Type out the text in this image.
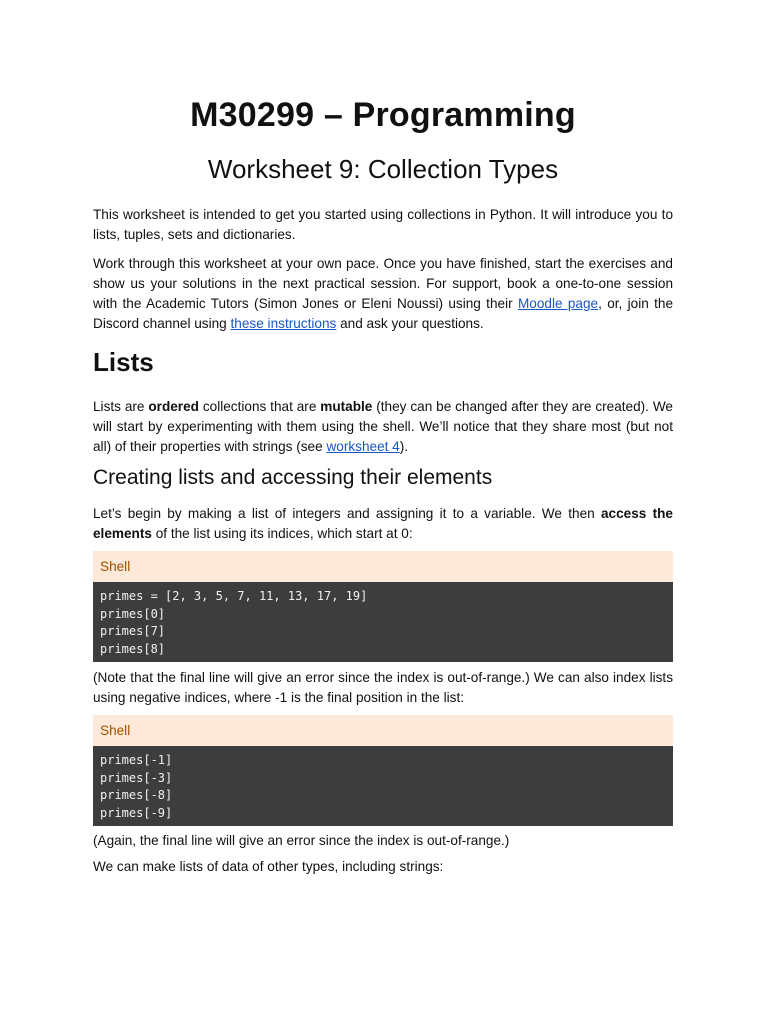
M30299 – Programming
Worksheet 9: Collection Types

This worksheet is intended to get you started using collections in Python. It will introduce you to lists, tuples, sets and dictionaries.

Work through this worksheet at your own pace. Once you have finished, start the exercises and show us your solutions in the next practical session. For support, book a one-to-one session with the Academic Tutors (Simon Jones or Eleni Noussi) using their Moodle page, or, join the Discord channel using these instructions and ask your questions.

Lists

Lists are ordered collections that are mutable (they can be changed after they are created). We will start by experimenting with them using the shell. We’ll notice that they share most (but not all) of their properties with strings (see worksheet 4).

Creating lists and accessing their elements

Let’s begin by making a list of integers and assigning it to a variable. We then access the elements of the list using its indices, which start at 0:

Shell
primes = [2, 3, 5, 7, 11, 13, 17, 19]
primes[0]
primes[7]
primes[8]

(Note that the final line will give an error since the index is out-of-range.) We can also index lists using negative indices, where -1 is the final position in the list:

Shell
primes[-1]
primes[-3]
primes[-8]
primes[-9]

(Again, the final line will give an error since the index is out-of-range.)

We can make lists of data of other types, including strings:
